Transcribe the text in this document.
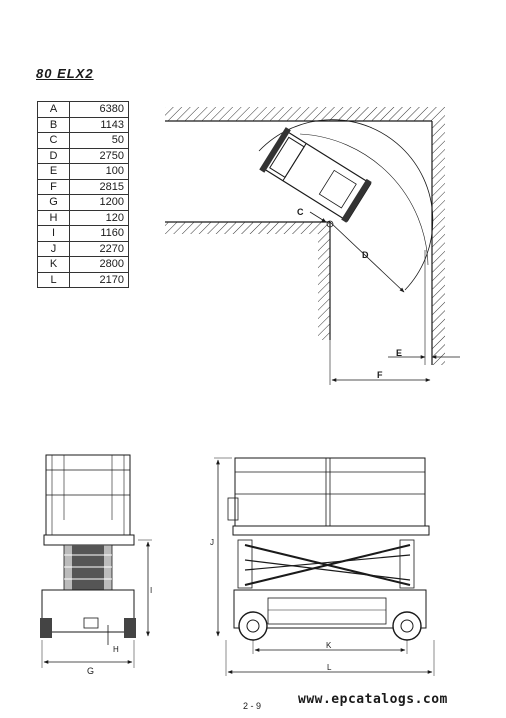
80 ELX2
A	6380
B	1143
C	50
D	2750
E	100
F	2815
G	1200
H	120
I	1160
J	2270
K	2800
L	2170
C
D
E
F
I
G
H
J
K
L
2 - 9	www.epcatalogs.com
